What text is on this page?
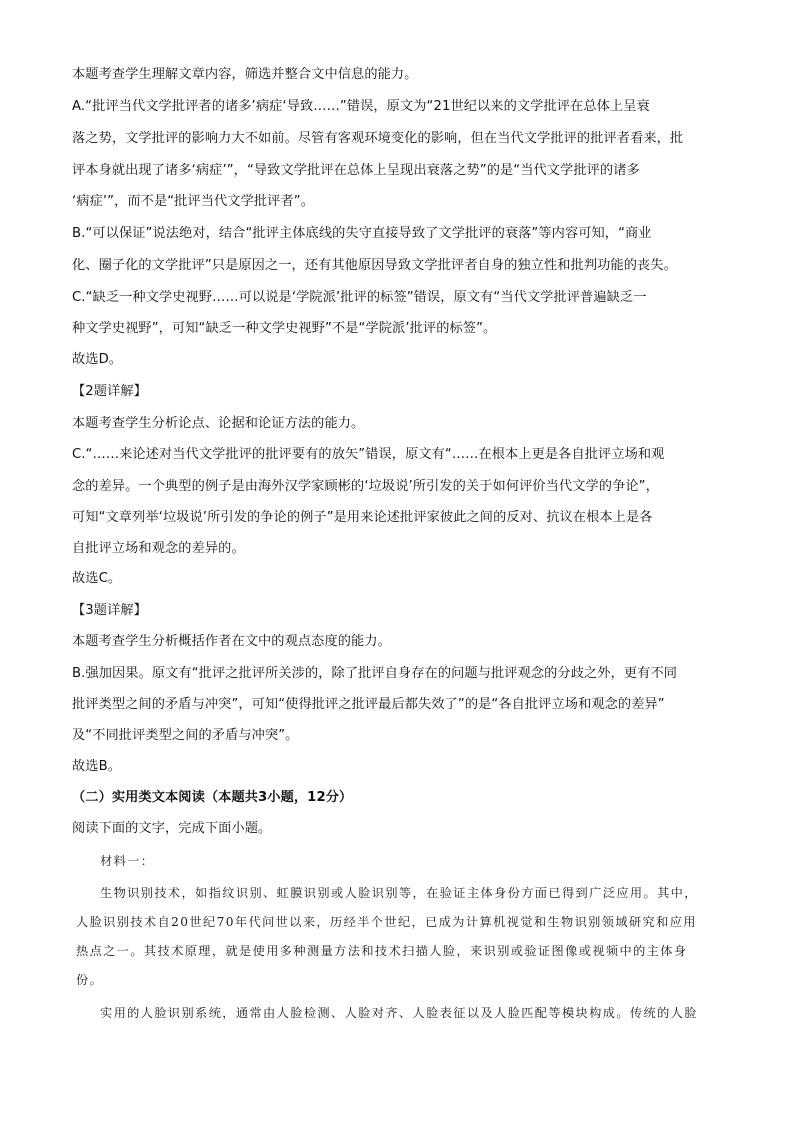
本题考查学生理解文章内容，筛选并整合文中信息的能力。
A.“批评当代文学批评者的诸多’病症‘导致……”错误，原文为“21世纪以来的文学批评在总体上呈衰
落之势，文学批评的影响力大不如前。尽管有客观环境变化的影响，但在当代文学批评的批评者看来，批
评本身就出现了诸多‘病症’”，“导致文学批评在总体上呈现出衰落之势”的是“当代文学批评的诸多
‘病症’”，而不是“批评当代文学批评者”。
B.“可以保证”说法绝对，结合“批评主体底线的失守直接导致了文学批评的衰落”等内容可知，“商业
化、圈子化的文学批评”只是原因之一，还有其他原因导致文学批评者自身的独立性和批判功能的丧失。
C.“缺乏一种文学史视野……可以说是‘学院派’批评的标签”错误，原文有“当代文学批评普遍缺乏一
种文学史视野”，可知“缺乏一种文学史视野”不是“学院派’批评的标签”。
故选D。
【2题详解】
本题考查学生分析论点、论据和论证方法的能力。
C.“……来论述对当代文学批评的批评要有的放矢”错误，原文有“……在根本上更是各自批评立场和观
念的差异。一个典型的例子是由海外汉学家顾彬的‘垃圾说’所引发的关于如何评价当代文学的争论”，
可知“文章列举‘垃圾说’所引发的争论的例子”是用来论述批评家彼此之间的反对、抗议在根本上是各
自批评立场和观念的差异的。
故选C。
【3题详解】
本题考查学生分析概括作者在文中的观点态度的能力。
B.强加因果。原文有“批评之批评所关涉的，除了批评自身存在的问题与批评观念的分歧之外，更有不同
批评类型之间的矛盾与冲突”，可知“使得批评之批评最后都失效了”的是“各自批评立场和观念的差异”
及“不同批评类型之间的矛盾与冲突”。
故选B。
（二）实用类文本阅读（本题共3小题，12分）
阅读下面的文字，完成下面小题。
材料一：
生物识别技术，如指纹识别、虹膜识别或人脸识别等，在验证主体身份方面已得到广泛应用。其中，
人脸识别技术自20世纪70年代问世以来，历经半个世纪，已成为计算机视觉和生物识别领域研究和应用
热点之一。其技术原理，就是使用多种测量方法和技术扫描人脸，来识别或验证图像或视频中的主体身
份。
实用的人脸识别系统，通常由人脸检测、人脸对齐、人脸表征以及人脸匹配等模块构成。传统的人脸
